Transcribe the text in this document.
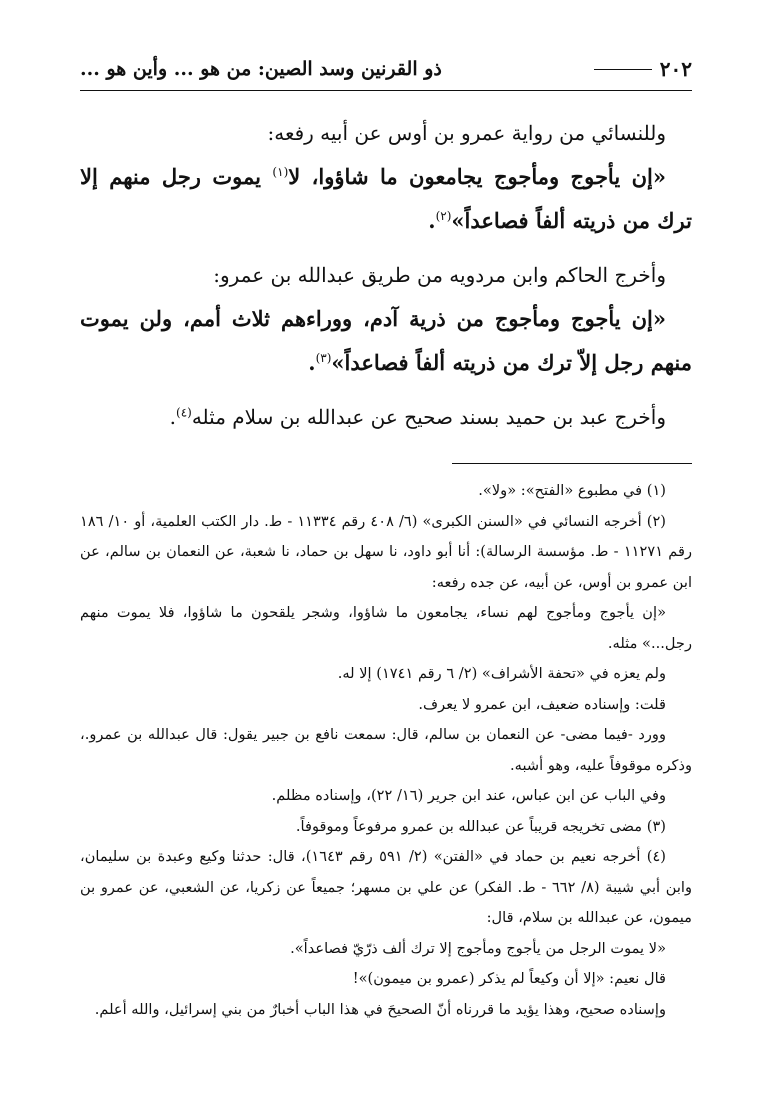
٢٠٢
ذو القرنين وسد الصين: من هو ... وأين هو ...

وللنسائي من رواية عمرو بن أوس عن أبيه رفعه:

«إن يأجوج ومأجوج يجامعون ما شاؤوا، لا$^{(١)}$ يموت رجل منهم إلا ترك من ذريته ألفاً فصاعداً»$^{(٢)}$.

وأخرج الحاكم وابن مردويه من طريق عبدالله بن عمرو:

«إن يأجوج ومأجوج من ذرية آدم، ووراءهم ثلاث أمم، ولن يموت منهم رجل إلاّ ترك من ذريته ألفاً فصاعداً»$^{(٣)}$.

وأخرج عبد بن حميد بسند صحيح عن عبدالله بن سلام مثله$^{(٤)}$.

(١) في مطبوع «الفتح»: «ولا».

(٢) أخرجه النسائي في «السنن الكبرى» (٦/ ٤٠٨ رقم ١١٣٣٤ - ط. دار الكتب العلمية، أو ١٠/ ١٨٦ رقم ١١٢٧١ - ط. مؤسسة الرسالة): أنا أبو داود، نا سهل بن حماد، نا شعبة، عن النعمان بن سالم، عن ابن عمرو بن أوس، عن أبيه، عن جده رفعه:

«إن يأجوج ومأجوج لهم نساء، يجامعون ما شاؤوا، وشجر يلقحون ما شاؤوا، فلا يموت منهم رجل...» مثله.

ولم يعزه في «تحفة الأشراف» (٢/ ٦ رقم ١٧٤١) إلا له.

قلت: وإسناده ضعيف، ابن عمرو لا يعرف.

وورد -فيما مضى- عن النعمان بن سالم، قال: سمعت نافع بن جبير يقول: قال عبدالله بن عمرو.، وذكره موقوفاً عليه، وهو أشبه.

وفي الباب عن ابن عباس، عند ابن جرير (١٦/ ٢٢)، وإسناده مظلم.

(٣) مضى تخريجه قريباً عن عبدالله بن عمرو مرفوعاً وموقوفاً.

(٤) أخرجه نعيم بن حماد في «الفتن» (٢/ ٥٩١ رقم ١٦٤٣)، قال: حدثنا وكيع وعبدة بن سليمان، وابن أبي شيبة (٨/ ٦٦٢ - ط. الفكر) عن علي بن مسهر؛ جميعاً عن زكريا، عن الشعبي، عن عمرو بن ميمون، عن عبدالله بن سلام، قال:

«لا يموت الرجل من يأجوج ومأجوج إلا ترك ألف ذرّيّ فصاعداً».

قال نعيم: «إلا أن وكيعاً لم يذكر (عمرو بن ميمون)»!

وإسناده صحيح، وهذا يؤيد ما قررناه أنّ الصحيحَ في هذا الباب أخبارٌ من بني إسرائيل، والله أعلم.
